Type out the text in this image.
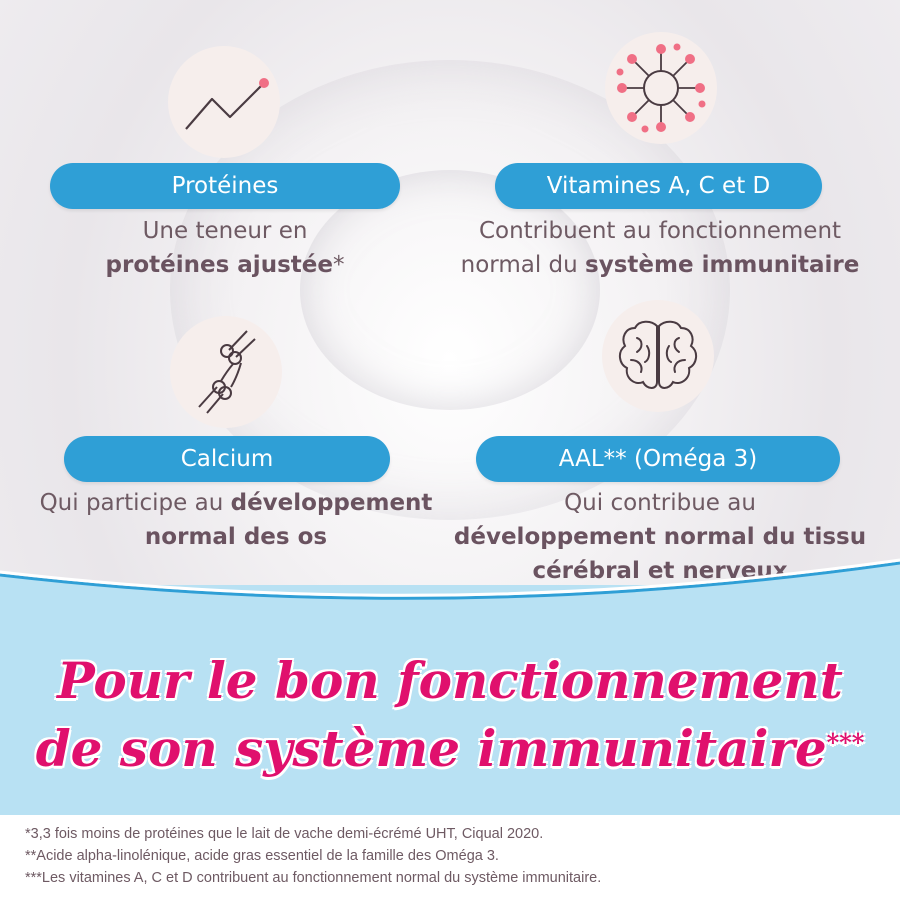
Protéines
Une teneur en
protéines ajustée*
Vitamines A, C et D
Contribuent au fonctionnement
normal du système immunitaire
Calcium
Qui participe au développement
normal des os
AAL** (Oméga 3)
Qui contribue au
développement normal du tissu
cérébral et nerveux
Pour le bon fonctionnement
de son système immunitaire***
*3,3 fois moins de protéines que le lait de vache demi-écrémé UHT, Ciqual 2020.
**Acide alpha-linolénique, acide gras essentiel de la famille des Oméga 3.
***Les vitamines A, C et D contribuent au fonctionnement normal du système immunitaire.
